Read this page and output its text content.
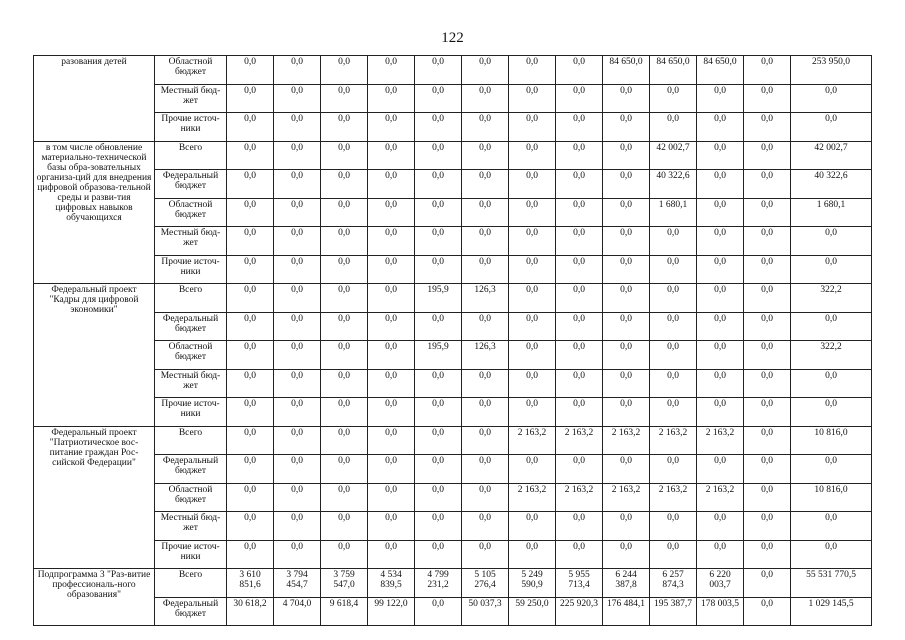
122
разования детей	Областной бюджет	0,0	0,0	0,0	0,0	0,0	0,0	0,0	0,0	84 650,0	84 650,0	84 650,0	0,0	253 950,0
	Местный бюд-жет	0,0	0,0	0,0	0,0	0,0	0,0	0,0	0,0	0,0	0,0	0,0	0,0	0,0
	Прочие источ-ники	0,0	0,0	0,0	0,0	0,0	0,0	0,0	0,0	0,0	0,0	0,0	0,0	0,0
в том числе обновление материально-технической базы обра-зовательных организа-ций для внедрения цифровой образова-тельной среды и разви-тия цифровых навыков обучающихся	Всего	0,0	0,0	0,0	0,0	0,0	0,0	0,0	0,0	0,0	42 002,7	0,0	0,0	42 002,7
	Федеральный бюджет	0,0	0,0	0,0	0,0	0,0	0,0	0,0	0,0	0,0	40 322,6	0,0	0,0	40 322,6
	Областной бюджет	0,0	0,0	0,0	0,0	0,0	0,0	0,0	0,0	0,0	1 680,1	0,0	0,0	1 680,1
	Местный бюд-жет	0,0	0,0	0,0	0,0	0,0	0,0	0,0	0,0	0,0	0,0	0,0	0,0	0,0
	Прочие источ-ники	0,0	0,0	0,0	0,0	0,0	0,0	0,0	0,0	0,0	0,0	0,0	0,0	0,0
Федеральный проект "Кадры для цифровой экономики"	Всего	0,0	0,0	0,0	0,0	195,9	126,3	0,0	0,0	0,0	0,0	0,0	0,0	322,2
	Федеральный бюджет	0,0	0,0	0,0	0,0	0,0	0,0	0,0	0,0	0,0	0,0	0,0	0,0	0,0
	Областной бюджет	0,0	0,0	0,0	0,0	195,9	126,3	0,0	0,0	0,0	0,0	0,0	0,0	322,2
	Местный бюд-жет	0,0	0,0	0,0	0,0	0,0	0,0	0,0	0,0	0,0	0,0	0,0	0,0	0,0
	Прочие источ-ники	0,0	0,0	0,0	0,0	0,0	0,0	0,0	0,0	0,0	0,0	0,0	0,0	0,0
Федеральный проект "Патриотическое вос-питание граждан Рос-сийской Федерации"	Всего	0,0	0,0	0,0	0,0	0,0	0,0	2 163,2	2 163,2	2 163,2	2 163,2	2 163,2	0,0	10 816,0
	Федеральный бюджет	0,0	0,0	0,0	0,0	0,0	0,0	0,0	0,0	0,0	0,0	0,0	0,0	0,0
	Областной бюджет	0,0	0,0	0,0	0,0	0,0	0,0	2 163,2	2 163,2	2 163,2	2 163,2	2 163,2	0,0	10 816,0
	Местный бюд-жет	0,0	0,0	0,0	0,0	0,0	0,0	0,0	0,0	0,0	0,0	0,0	0,0	0,0
	Прочие источ-ники	0,0	0,0	0,0	0,0	0,0	0,0	0,0	0,0	0,0	0,0	0,0	0,0	0,0
Подпрограмма 3 "Раз-витие профессиональ-ного образования"	Всего	3 610 851,6	3 794 454,7	3 759 547,0	4 534 839,5	4 799 231,2	5 105 276,4	5 249 590,9	5 955 713,4	6 244 387,8	6 257 874,3	6 220 003,7	0,0	55 531 770,5
	Федеральный бюджет	30 618,2	4 704,0	9 618,4	99 122,0	0,0	50 037,3	59 250,0	225 920,3	176 484,1	195 387,7	178 003,5	0,0	1 029 145,5
